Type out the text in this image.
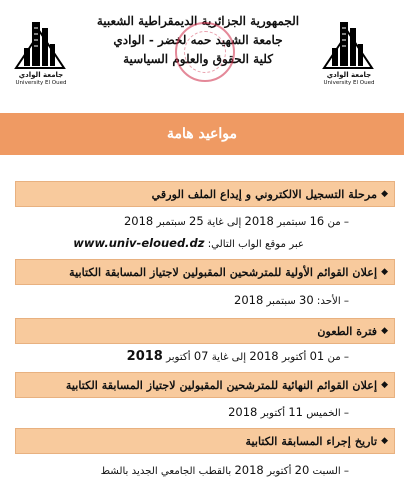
جامعة الوادي
University El Oued
جامعة الوادي
University El Oued
الجمهورية الجزائرية الديمقراطية الشعبية
جامعة الشهيد حمه لخضر - الوادي
كلية الحقوق والعلوم السياسية
مواعيد هامة
◆
مرحلة التسجيل الالكتروني و إيداع الملف الورقي
– من 16 سبتمبر 2018 إلى غاية 25 سبتمبر 2018
عبر موقع الواب التالي: www.univ-eloued.dz
◆
إعلان القوائم الأولية للمترشحين المقبولين لاجتياز المسابقة الكتابية
– الأحد: 30 سبتمبر 2018
◆
فترة الطعون
– من 01 أكتوبر 2018 إلى غاية 07 أكتوبر 2018
◆
إعلان القوائم النهائية للمترشحين المقبولين لاجتياز المسابقة الكتابية
– الخميس 11 أكتوبر 2018
◆
تاريخ إجراء المسابقة الكتابية
– السبت 20 أكتوبر 2018 بالقطب الجامعي الجديد بالشط
